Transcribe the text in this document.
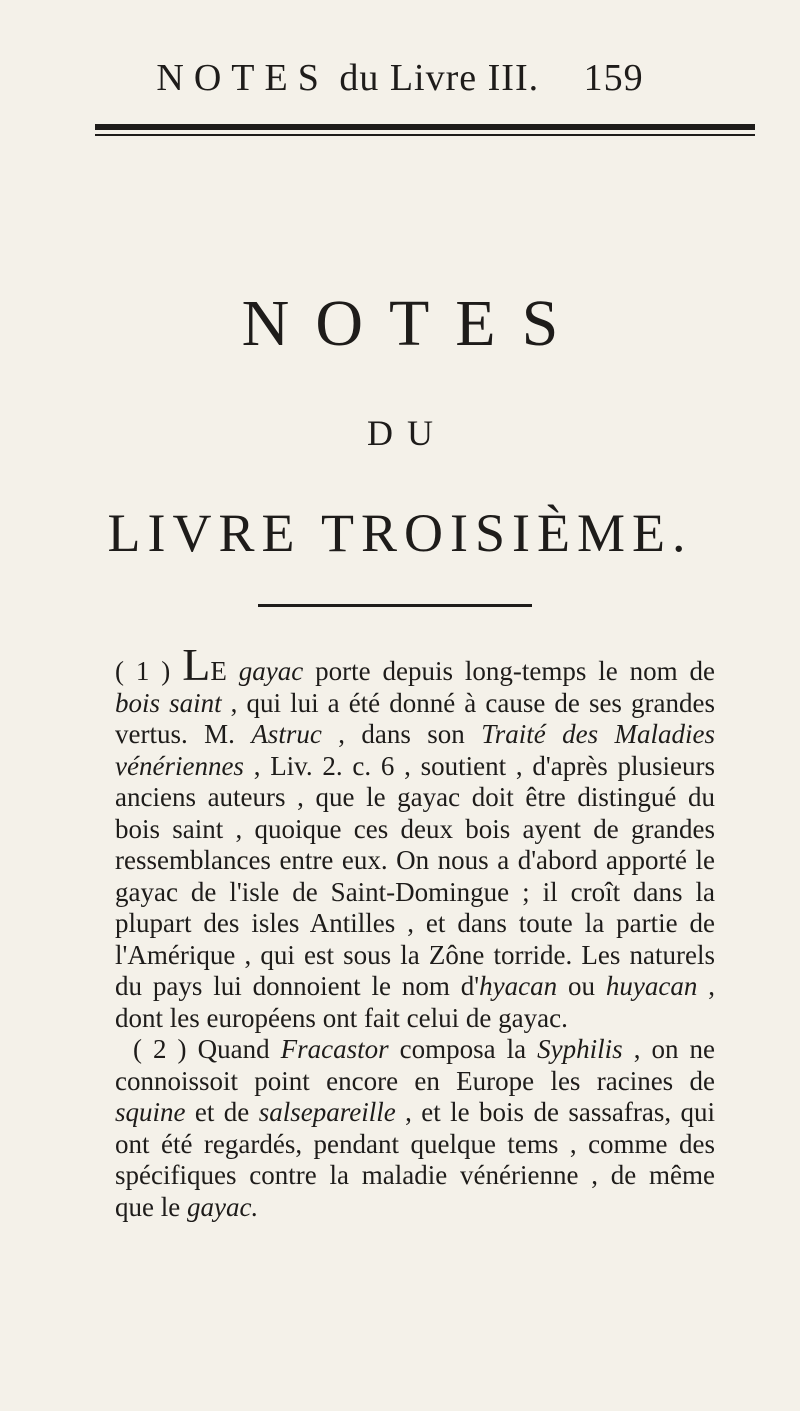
NOTES du Livre III. 159
NOTES
DU
LIVRE TROISIÈME.

( 1 ) LE gayac porte depuis long-temps le nom de bois saint , qui lui a été donné à cause de ses grandes vertus. M. Astruc , dans son Traité des Maladies vénériennes , Liv. 2. c. 6 , soutient , d'après plusieurs anciens auteurs , que le gayac doit être distingué du bois saint , quoique ces deux bois ayent de grandes ressemblances entre eux. On nous a d'abord apporté le gayac de l'isle de Saint-Domingue ; il croît dans la plupart des isles Antilles , et dans toute la partie de l'Amérique , qui est sous la Zône torride. Les naturels du pays lui donnoient le nom d'hyacan ou huyacan , dont les européens ont fait celui de gayac.

( 2 ) Quand Fracastor composa la Syphilis , on ne connoissoit point encore en Europe les racines de squine et de salsepareille , et le bois de sassafras, qui ont été regardés, pendant quelque tems , comme des spécifiques contre la maladie vénérienne , de même que le gayac.
